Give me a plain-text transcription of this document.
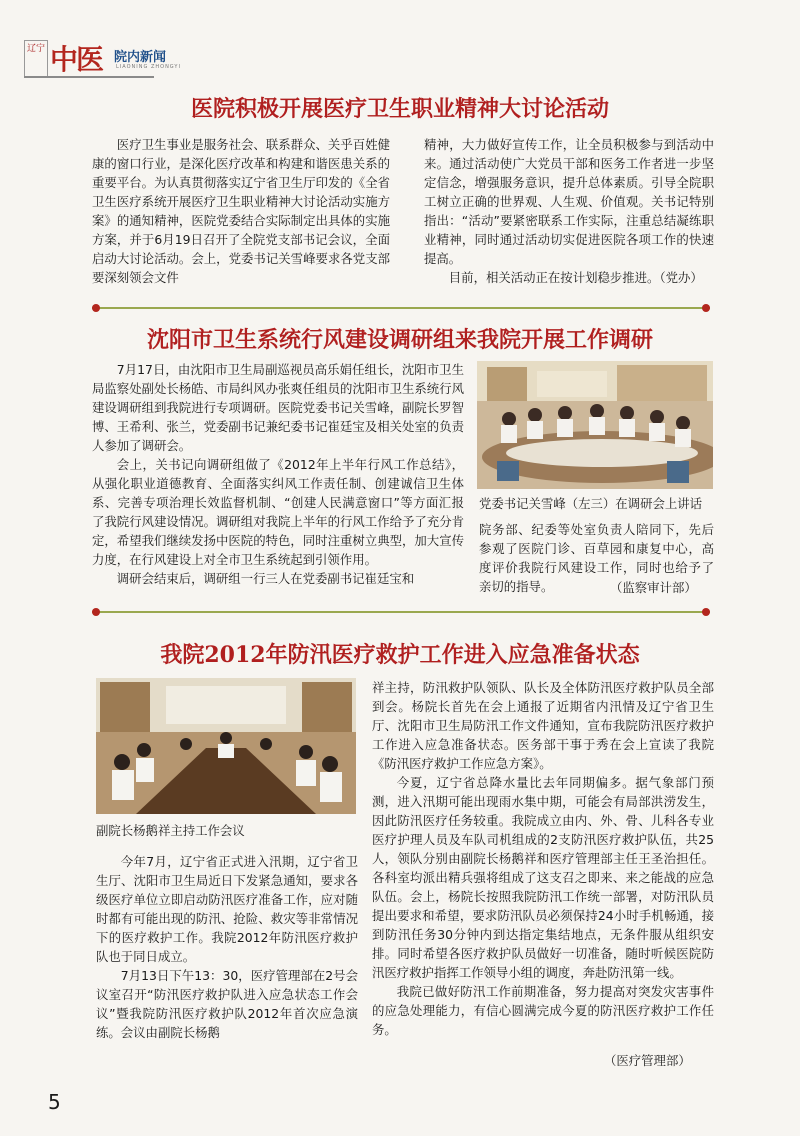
辽宁 中医 院内新闻
LIAONING ZHONGYI
医院积极开展医疗卫生职业精神大讨论活动

医疗卫生事业是服务社会、联系群众、关乎百姓健康的窗口行业，是深化医疗改革和构建和谐医患关系的重要平台。为认真贯彻落实辽宁省卫生厅印发的《全省卫生医疗系统开展医疗卫生职业精神大讨论活动实施方案》的通知精神，医院党委结合实际制定出具体的实施方案，并于6月19日召开了全院党支部书记会议，全面启动大讨论活动。会上，党委书记关雪峰要求各党支部要深刻领会文件

精神，大力做好宣传工作，让全员积极参与到活动中来。通过活动使广大党员干部和医务工作者进一步坚定信念，增强服务意识，提升总体素质。引导全院职工树立正确的世界观、人生观、价值观。关书记特别指出：“活动”要紧密联系工作实际，注重总结凝练职业精神，同时通过活动切实促进医院各项工作的快速提高。

目前，相关活动正在按计划稳步推进。（党办）

沈阳市卫生系统行风建设调研组来我院开展工作调研

7月17日，由沈阳市卫生局副巡视员高乐娟任组长，沈阳市卫生局监察处副处长杨皓、市局纠风办张爽任组员的沈阳市卫生系统行风建设调研组到我院进行专项调研。医院党委书记关雪峰，副院长罗智博、王希利、张兰，党委副书记兼纪委书记崔廷宝及相关处室的负责人参加了调研会。

会上，关书记向调研组做了《2012年上半年行风工作总结》，从强化职业道德教育、全面落实纠风工作责任制、创建诚信卫生体系、完善专项治理长效监督机制、“创建人民满意窗口”等方面汇报了我院行风建设情况。调研组对我院上半年的行风工作给予了充分肯定，希望我们继续发扬中医院的特色，同时注重树立典型，加大宣传力度，在行风建设上对全市卫生系统起到引领作用。

调研会结束后，调研组一行三人在党委副书记崔廷宝和

党委书记关雪峰（左三）在调研会上讲话

院务部、纪委等处室负责人陪同下，先后参观了医院门诊、百草园和康复中心，高度评价我院行风建设工作，同时也给予了亲切的指导。	（监察审计部）
我院2012年防汛医疗救护工作进入应急准备状态
副院长杨鹅祥主持工作会议

今年7月，辽宁省正式进入汛期，辽宁省卫生厅、沈阳市卫生局近日下发紧急通知，要求各级医疗单位立即启动防汛医疗准备工作，应对随时都有可能出现的防汛、抢险、救灾等非常情况下的医疗救护工作。我院2012年防汛医疗救护队也于同日成立。

7月13日下午13：30，医疗管理部在2号会议室召开“防汛医疗救护队进入应急状态工作会议”暨我院防汛医疗救护队2012年首次应急演练。会议由副院长杨鹅

祥主持，防汛救护队领队、队长及全体防汛医疗救护队员全部到会。杨院长首先在会上通报了近期省内汛情及辽宁省卫生厅、沈阳市卫生局防汛工作文件通知，宣布我院防汛医疗救护工作进入应急准备状态。医务部干事于秀在会上宣读了我院《防汛医疗救护工作应急方案》。

今夏，辽宁省总降水量比去年同期偏多。据气象部门预测，进入汛期可能出现雨水集中期，可能会有局部洪涝发生，因此防汛医疗任务较重。我院成立由内、外、骨、儿科各专业医疗护理人员及车队司机组成的2支防汛医疗救护队伍，共25人，领队分别由副院长杨鹅祥和医疗管理部主任王圣治担任。各科室均派出精兵强将组成了这支召之即来、来之能战的应急队伍。会上，杨院长按照我院防汛工作统一部署，对防汛队员提出要求和希望，要求防汛队员必须保持24小时手机畅通，接到防汛任务30分钟内到达指定集结地点，无条件服从组织安排。同时希望各医疗救护队员做好一切准备，随时听候医院防汛医疗救护指挥工作领导小组的调度，奔赴防汛第一线。

我院已做好防汛工作前期准备，努力提高对突发灾害事件的应急处理能力，有信心圆满完成今夏的防汛医疗救护工作任务。

（医疗管理部）
5
